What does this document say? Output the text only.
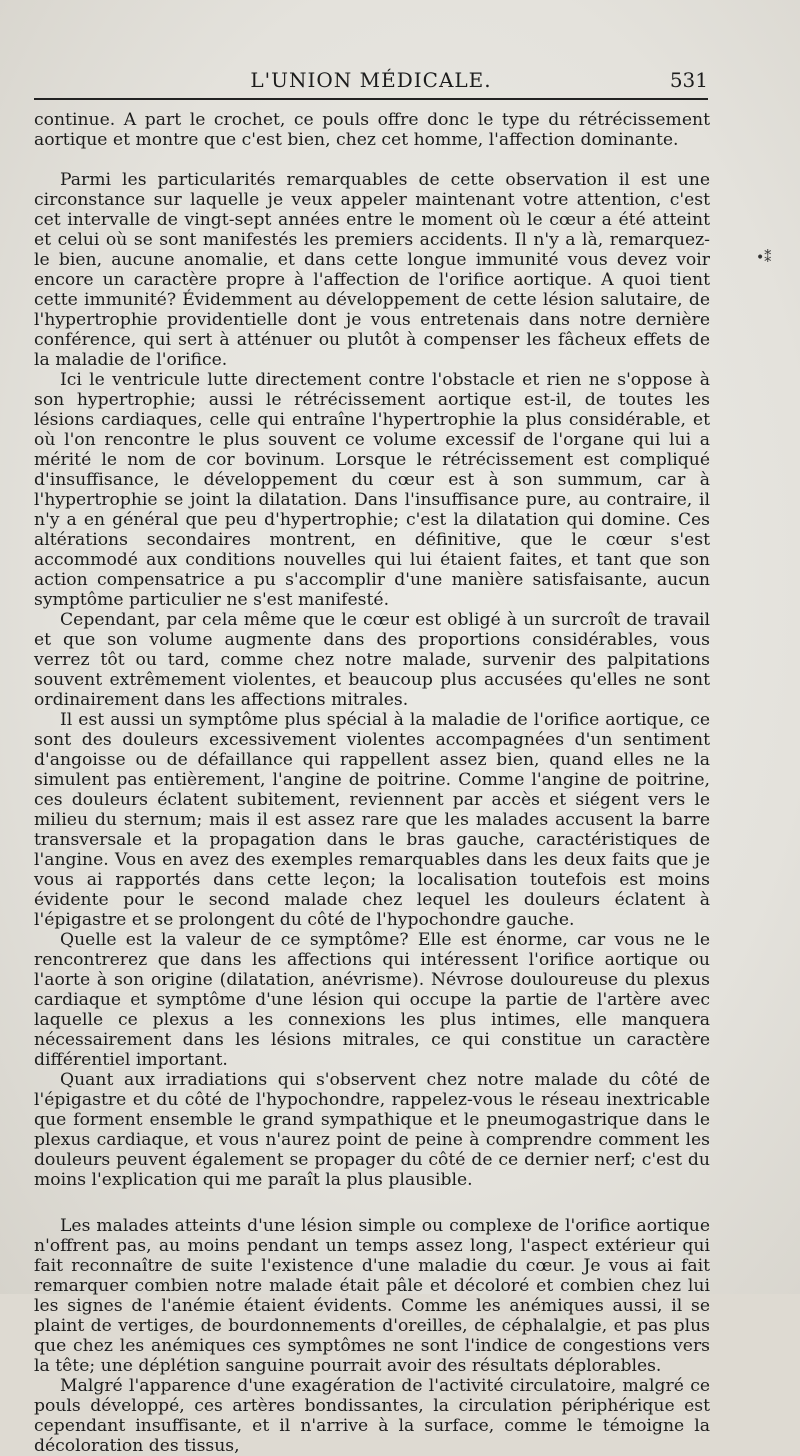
L'UNION MÉDICALE.	531
•⁑

continue. A part le crochet, ce pouls offre donc le type du rétrécissement aortique et montre que c'est bien, chez cet homme, l'affection dominante.

Parmi les particularités remarquables de cette observation il est une circonstance sur laquelle je veux appeler maintenant votre attention, c'est cet intervalle de vingt-sept années entre le moment où le cœur a été atteint et celui où se sont manifestés les premiers accidents. Il n'y a là, remarquez-le bien, aucune anomalie, et dans cette longue immunité vous devez voir encore un caractère propre à l'affection de l'orifice aortique. A quoi tient cette immunité? Évidemment au développement de cette lésion salutaire, de l'hypertrophie providentielle dont je vous entretenais dans notre dernière conférence, qui sert à atténuer ou plutôt à compenser les fâcheux effets de la maladie de l'orifice.

Ici le ventricule lutte directement contre l'obstacle et rien ne s'oppose à son hypertrophie; aussi le rétrécissement aortique est-il, de toutes les lésions cardiaques, celle qui entraîne l'hypertrophie la plus considérable, et où l'on rencontre le plus souvent ce volume excessif de l'organe qui lui a mérité le nom de cor bovinum. Lorsque le rétrécissement est compliqué d'insuffisance, le développement du cœur est à son summum, car à l'hypertrophie se joint la dilatation. Dans l'insuffisance pure, au contraire, il n'y a en général que peu d'hypertrophie; c'est la dilatation qui domine. Ces altérations secondaires montrent, en définitive, que le cœur s'est accommodé aux conditions nouvelles qui lui étaient faites, et tant que son action compensatrice a pu s'accomplir d'une manière satisfaisante, aucun symptôme particulier ne s'est manifesté.

Cependant, par cela même que le cœur est obligé à un surcroît de travail et que son volume augmente dans des proportions considérables, vous verrez tôt ou tard, comme chez notre malade, survenir des palpitations souvent extrêmement violentes, et beaucoup plus accusées qu'elles ne sont ordinairement dans les affections mitrales.

Il est aussi un symptôme plus spécial à la maladie de l'orifice aortique, ce sont des douleurs excessivement violentes accompagnées d'un sentiment d'angoisse ou de défaillance qui rappellent assez bien, quand elles ne la simulent pas entièrement, l'angine de poitrine. Comme l'angine de poitrine, ces douleurs éclatent subitement, reviennent par accès et siégent vers le milieu du sternum; mais il est assez rare que les malades accusent la barre transversale et la propagation dans le bras gauche, caractéristiques de l'angine. Vous en avez des exemples remarquables dans les deux faits que je vous ai rapportés dans cette leçon; la localisation toutefois est moins évidente pour le second malade chez lequel les douleurs éclatent à l'épigastre et se prolongent du côté de l'hypochondre gauche.

Quelle est la valeur de ce symptôme? Elle est énorme, car vous ne le rencontrerez que dans les affections qui intéressent l'orifice aortique ou l'aorte à son origine (dilatation, anévrisme). Névrose douloureuse du plexus cardiaque et symptôme d'une lésion qui occupe la partie de l'artère avec laquelle ce plexus a les connexions les plus intimes, elle manquera nécessairement dans les lésions mitrales, ce qui constitue un caractère différentiel important.

Quant aux irradiations qui s'observent chez notre malade du côté de l'épigastre et du côté de l'hypochondre, rappelez-vous le réseau inextricable que forment ensemble le grand sympathique et le pneumogastrique dans le plexus cardiaque, et vous n'aurez point de peine à comprendre comment les douleurs peuvent également se propager du côté de ce dernier nerf; c'est du moins l'explication qui me paraît la plus plausible.

Les malades atteints d'une lésion simple ou complexe de l'orifice aortique n'offrent pas, au moins pendant un temps assez long, l'aspect extérieur qui fait reconnaître de suite l'existence d'une maladie du cœur. Je vous ai fait remarquer combien notre malade était pâle et décoloré et combien chez lui les signes de l'anémie étaient évidents. Comme les anémiques aussi, il se plaint de vertiges, de bourdonnements d'oreilles, de céphalalgie, et pas plus que chez les anémiques ces symptômes ne sont l'indice de congestions vers la tête; une déplétion sanguine pourrait avoir des résultats déplorables.

Malgré l'apparence d'une exagération de l'activité circulatoire, malgré ce pouls développé, ces artères bondissantes, la circulation périphérique est cependant insuffisante, et il n'arrive à la surface, comme le témoigne la décoloration des tissus,
